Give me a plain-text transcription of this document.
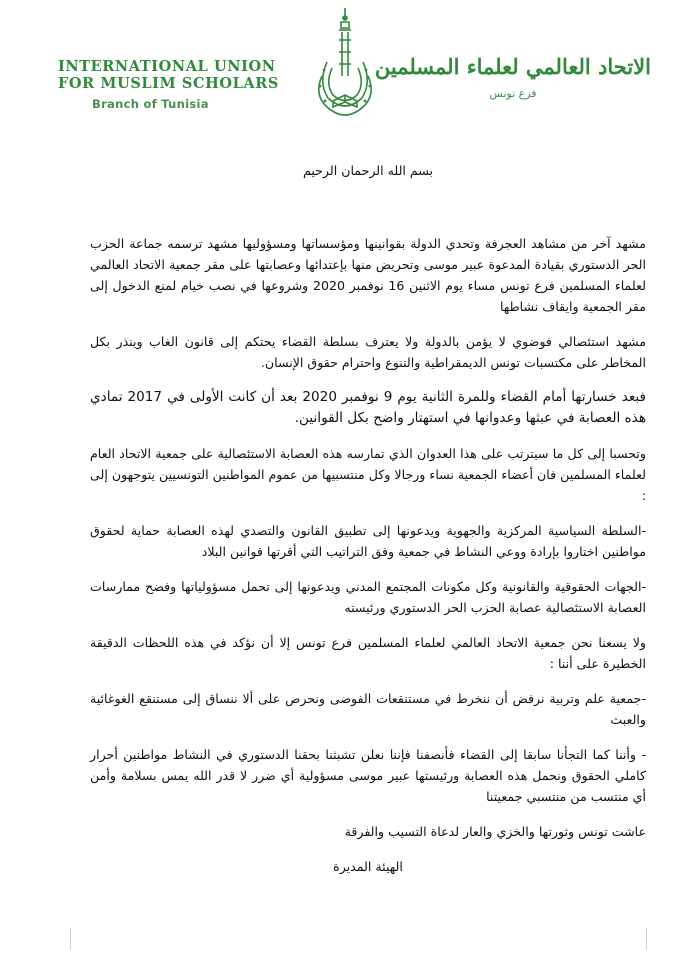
INTERNATIONAL UNION
FOR MUSLIM SCHOLARS
Branch of Tunisia
الاتحاد العالمي لعلماء المسلمين
فرع تونس
بسم الله الرحمان الرحيم

مشهد آخر من مشاهد العجرفة وتحدي الدولة بقوانينها ومؤسساتها ومسؤوليها مشهد ترسمه جماعة الحزب الحر الدستوري بقيادة المدعوة عبير موسى وتحريض منها بإعتدائها وعصابتها على مقر جمعية الاتحاد العالمي لعلماء المسلمين فرع تونس مساء يوم الاثنين 16 نوفمبر 2020 وشروعها في نصب خيام لمنع الدخول إلى مقر الجمعية وايقاف نشاطها

مشهد استئصالي فوضوي لا يؤمن بالدولة ولا يعترف بسلطة القضاء يحتكم إلى قانون الغاب وينذر بكل المخاطر على مكتسبات تونس الديمقراطية والتنوع واحترام حقوق الإنسان.

فبعد خسارتها أمام القضاء وللمرة الثانية يوم 9 نوفمبر 2020 بعد أن كانت الأولى في 2017 تمادي هذه العصابة في عبثها وعدوانها في استهتار واضح بكل القوانين.

وتحسبا إلى كل ما سيترتب على هذا العدوان الذي تمارسه هذه العصابة الاستئصالية على جمعية الاتحاد العام لعلماء المسلمين فان أعضاء الجمعية نساء ورجالا وكل منتسبيها من عموم المواطنين التونسيين يتوجهون إلى :

-السلطة السياسية المركزية والجهوية ويدعونها إلى تطبيق القانون والتصدي لهذه العصابة حماية لحقوق مواطنين اختاروا بإرادة ووعي النشاط في جمعية وفق التراتيب التي أقرتها قوانين البلاد

-الجهات الحقوقية والقانونية وكل مكونات المجتمع المدني ويدعونها إلى تحمل مسؤولياتها وفضح ممارسات العصابة الاستئصالية عصابة الحزب الحر الدستوري ورئيسته

ولا يسعنا نحن جمعية الاتحاد العالمي لعلماء المسلمين فرع تونس إلا أن نؤكد في هذه اللحظات الدقيقة الخطيرة على أننا :

-جمعية علم وتربية نرفض أن ننخرط في مستنقعات الفوضى ونحرص على ألا ننساق إلى مستنقع الغوغائية والعبث

- وأننا كما التجأنا سابقا إلى القضاء فأنصفنا فإننا نعلن تشبثنا بحقنا الدستوري في النشاط مواطنين أحرار كاملي الحقوق ونحمل هذه العصابة ورئيستها عبير موسى مسؤولية أي ضرر لا قدر الله يمس بسلامة وأمن أي منتسب من منتسبي جمعيتنا

عاشت تونس وثورتها والخزي والعار لدعاة التسيب والفرقة

الهيئة المديرة
